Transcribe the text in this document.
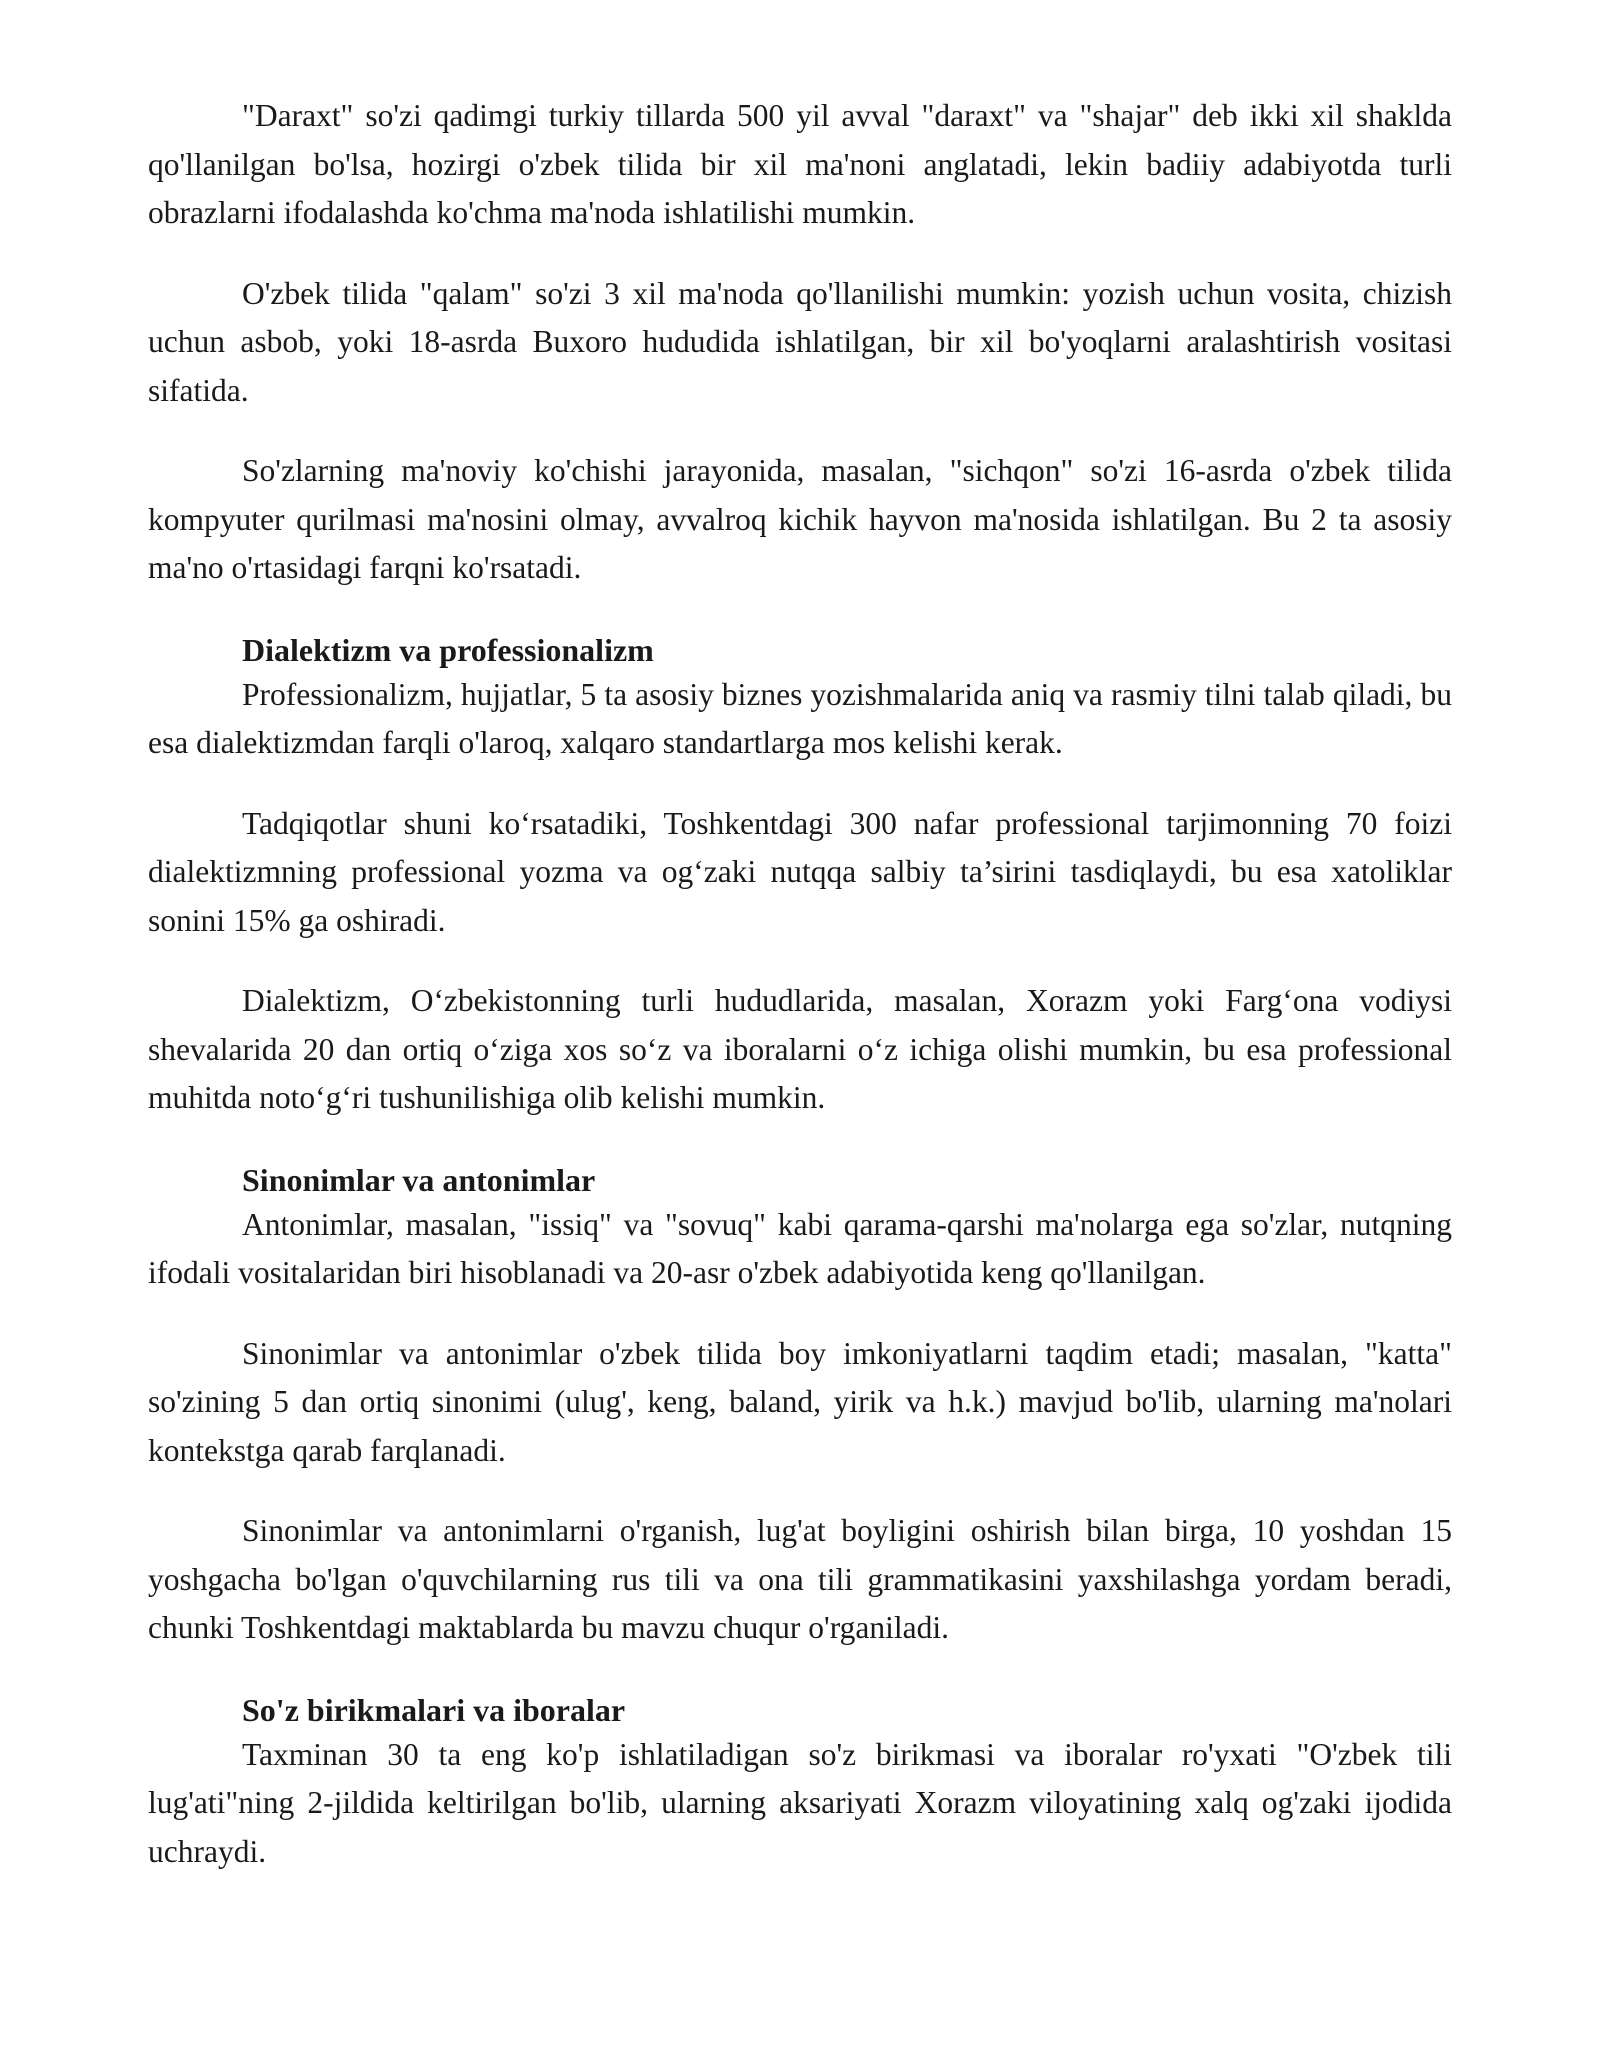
"Daraxt" so'zi qadimgi turkiy tillarda 500 yil avval "daraxt" va "shajar" deb ikki xil shaklda qo'llanilgan bo'lsa, hozirgi o'zbek tilida bir xil ma'noni anglatadi, lekin badiiy adabiyotda turli obrazlarni ifodalashda ko'chma ma'noda ishlatilishi mumkin.

O'zbek tilida "qalam" so'zi 3 xil ma'noda qo'llanilishi mumkin: yozish uchun vosita, chizish uchun asbob, yoki 18-asrda Buxoro hududida ishlatilgan, bir xil bo'yoqlarni aralashtirish vositasi sifatida.

So'zlarning ma'noviy ko'chishi jarayonida, masalan, "sichqon" so'zi 16-asrda o'zbek tilida kompyuter qurilmasi ma'nosini olmay, avvalroq kichik hayvon ma'nosida ishlatilgan. Bu 2 ta asosiy ma'no o'rtasidagi farqni ko'rsatadi.

Dialektizm va professionalizm

Professionalizm, hujjatlar, 5 ta asosiy biznes yozishmalarida aniq va rasmiy tilni talab qiladi, bu esa dialektizmdan farqli o'laroq, xalqaro standartlarga mos kelishi kerak.

Tadqiqotlar shuni ko‘rsatadiki, Toshkentdagi 300 nafar professional tarjimonning 70 foizi dialektizmning professional yozma va og‘zaki nutqqa salbiy ta’sirini tasdiqlaydi, bu esa xatoliklar sonini 15% ga oshiradi.

Dialektizm, O‘zbekistonning turli hududlarida, masalan, Xorazm yoki Farg‘ona vodiysi shevalarida 20 dan ortiq o‘ziga xos so‘z va iboralarni o‘z ichiga olishi mumkin, bu esa professional muhitda noto‘g‘ri tushunilishiga olib kelishi mumkin.

Sinonimlar va antonimlar

Antonimlar, masalan, "issiq" va "sovuq" kabi qarama-qarshi ma'nolarga ega so'zlar, nutqning ifodali vositalaridan biri hisoblanadi va 20-asr o'zbek adabiyotida keng qo'llanilgan.

Sinonimlar va antonimlar o'zbek tilida boy imkoniyatlarni taqdim etadi; masalan, "katta" so'zining 5 dan ortiq sinonimi (ulug', keng, baland, yirik va h.k.) mavjud bo'lib, ularning ma'nolari kontekstga qarab farqlanadi.

Sinonimlar va antonimlarni o'rganish, lug'at boyligini oshirish bilan birga, 10 yoshdan 15 yoshgacha bo'lgan o'quvchilarning rus tili va ona tili grammatikasini yaxshilashga yordam beradi, chunki Toshkentdagi maktablarda bu mavzu chuqur o'rganiladi.

So'z birikmalari va iboralar

Taxminan 30 ta eng ko'p ishlatiladigan so'z birikmasi va iboralar ro'yxati "O'zbek tili lug'ati"ning 2-jildida keltirilgan bo'lib, ularning aksariyati Xorazm viloyatining xalq og'zaki ijodida uchraydi.
